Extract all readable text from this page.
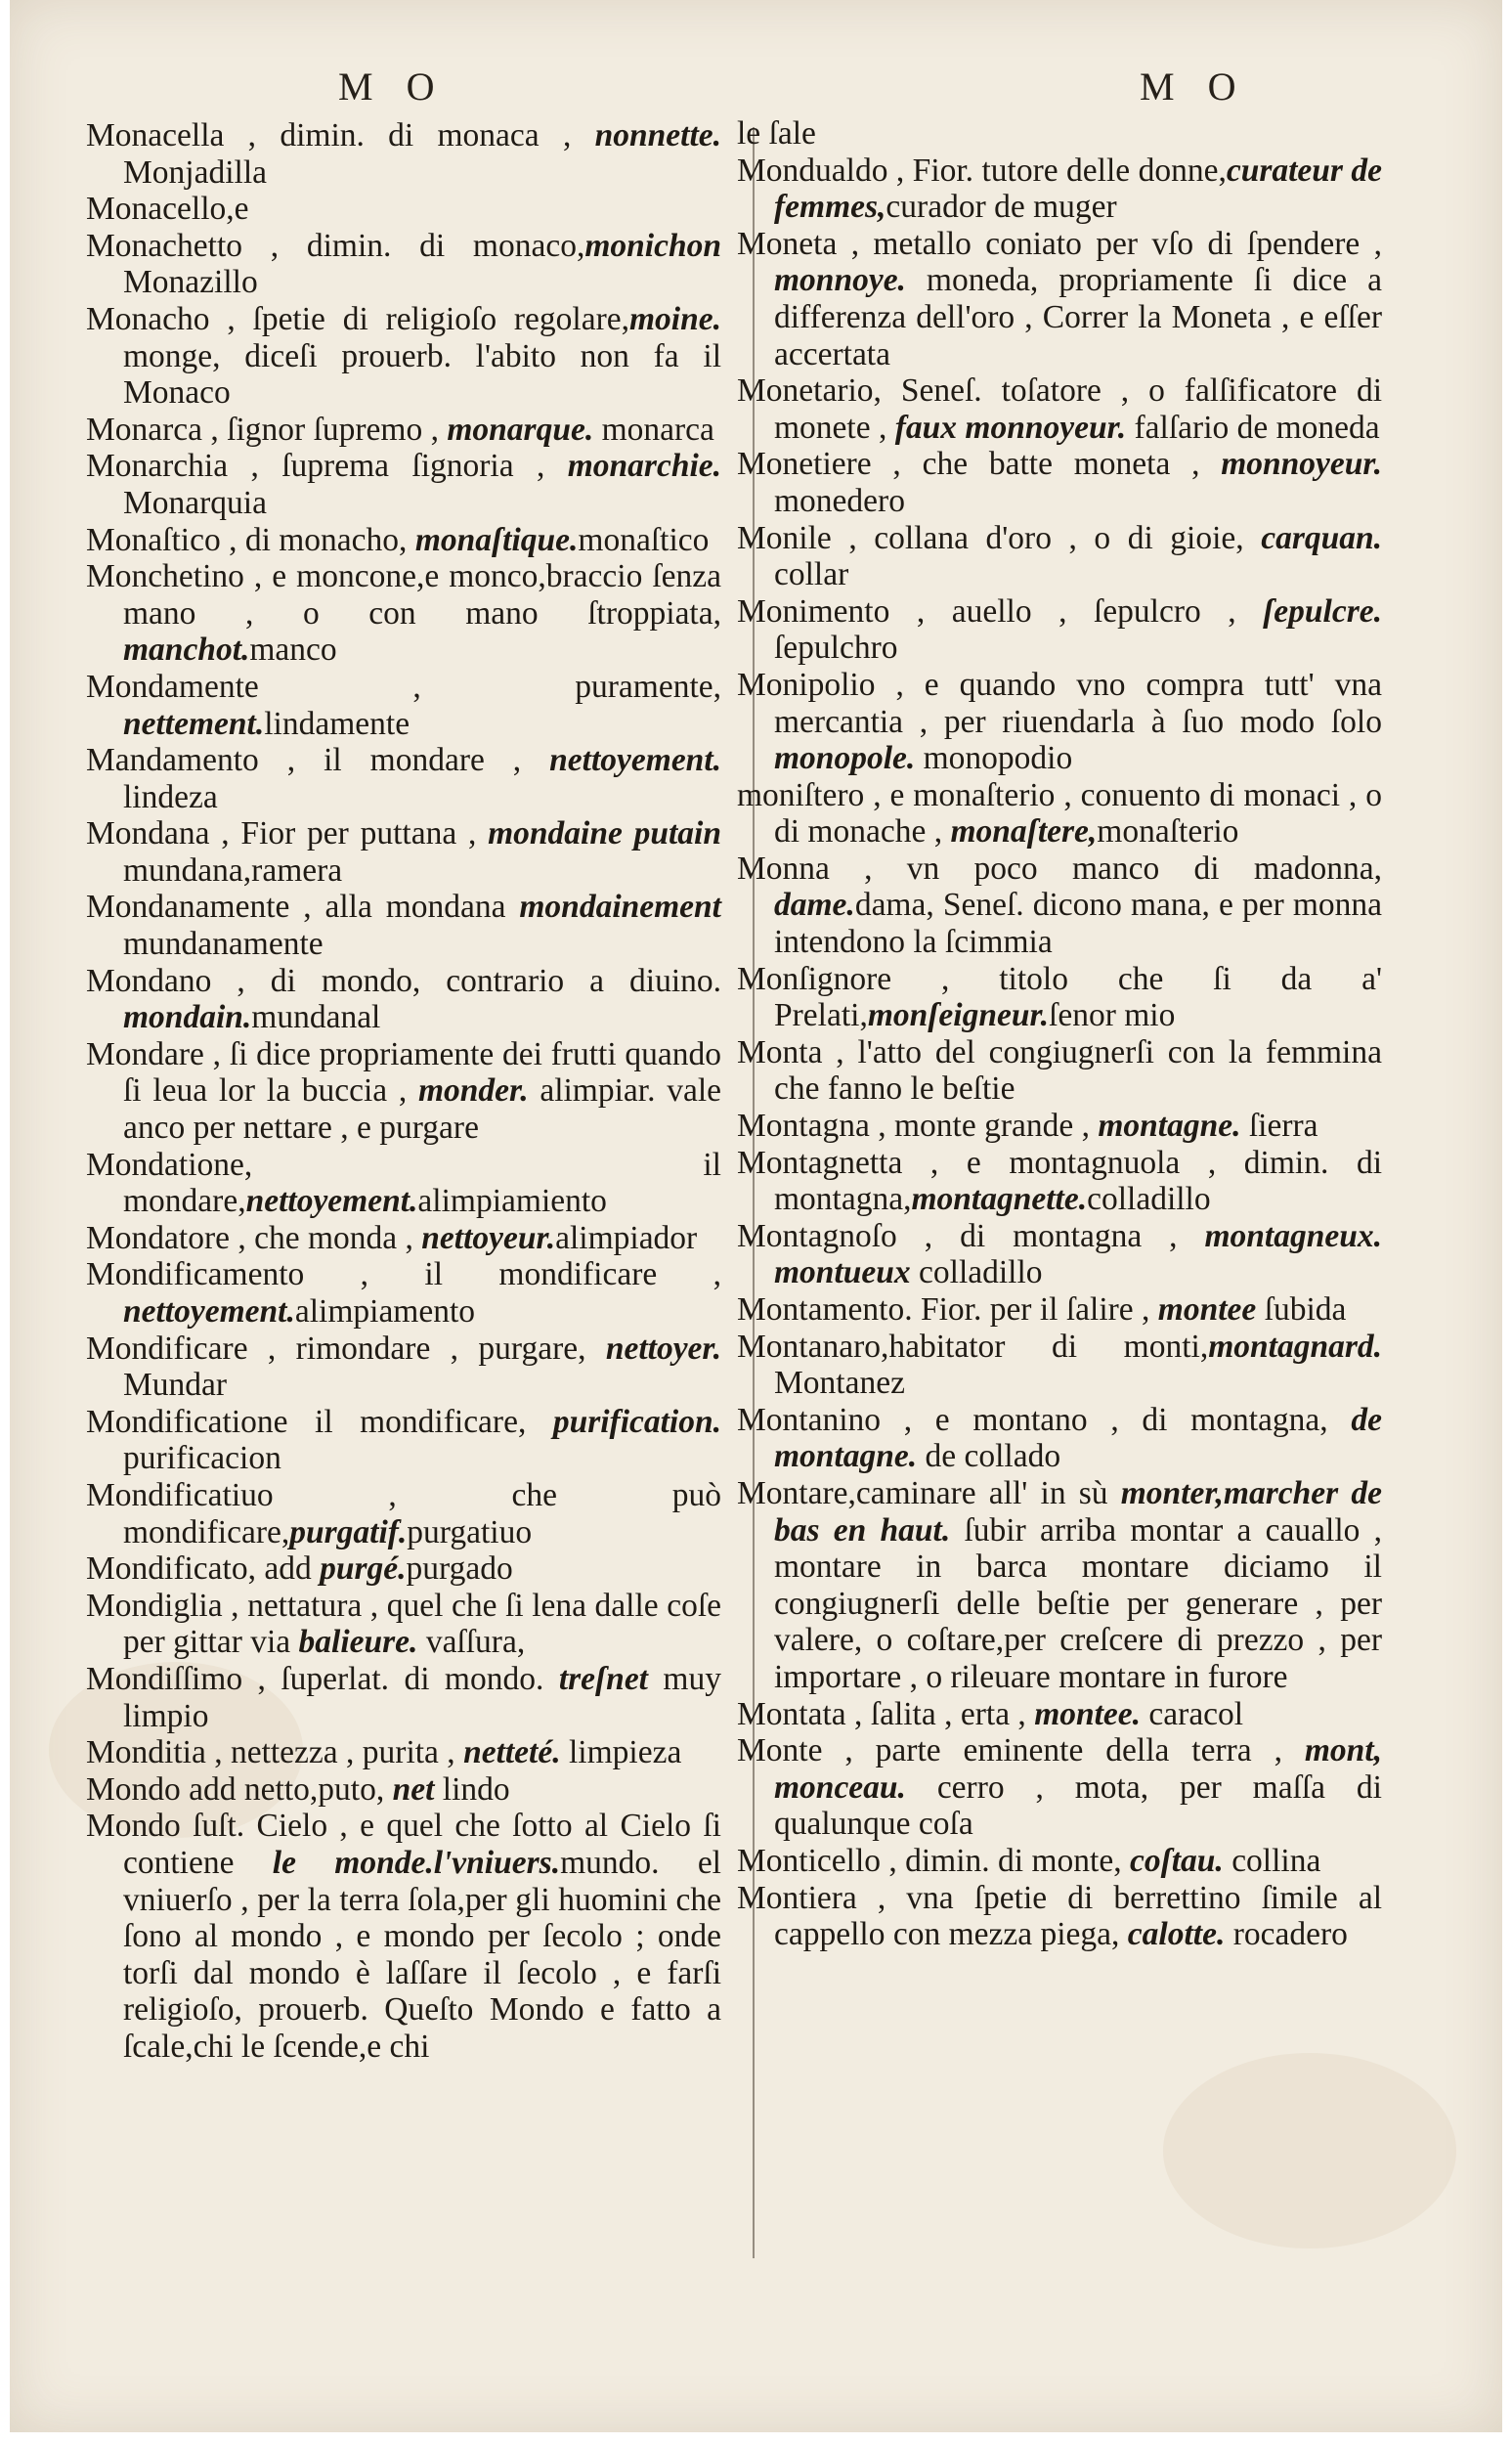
M O	M O

Monacella , dimin. di monaca , nonnette. Monjadilla

Monacello,e

Monachetto , dimin. di monaco,monichon Monazillo

Monacho , ſpetie di religioſo regolare,moine. monge, diceſi prouerb. l'abito non fa il Monaco

Monarca , ſignor ſupremo , monarque. monarca

Monarchia , ſuprema ſignoria , monarchie. Monarquia

Monaſtico , di monacho, monaſtique.monaſtico

Monchetino , e moncone,e monco,braccio ſenza mano , o con mano ſtroppiata, manchot.manco

Mondamente , puramente, nettement.lindamente

Mandamento , il mondare , nettoyement. lindeza

Mondana , Fior per puttana , mondaine putain mundana,ramera

Mondanamente , alla mondana mondainement mundanamente

Mondano , di mondo, contrario a diuino. mondain.mundanal

Mondare , ſi dice propriamente dei frutti quando ſi leua lor la buccia , monder. alimpiar. vale anco per nettare , e purgare

Mondatione, il mondare,nettoyement.alimpiamiento

Mondatore , che monda , nettoyeur.alimpiador

Mondificamento , il mondificare , nettoyement.alimpiamento

Mondificare , rimondare , purgare, nettoyer. Mundar

Mondificatione il mondificare, purification. purificacion

Mondificatiuo , che può mondificare,purgatif.purgatiuo

Mondificato, add purgé.purgado

Mondiglia , nettatura , quel che ſi lena dalle coſe per gittar via balieure. vaſſura,

Mondiſſimo , ſuperlat. di mondo. treſnet muy limpio

Monditia , nettezza , purita , netteté. limpieza

Mondo add netto,puto, net lindo

Mondo ſuſt. Cielo , e quel che ſotto al Cielo ſi contiene le monde.l'vniuers.mundo. el vniuerſo , per la terra ſola,per gli huomini che ſono al mondo , e mondo per ſecolo ; onde torſi dal mondo è laſſare il ſecolo , e farſi religioſo, prouerb. Queſto Mondo e fatto a ſcale,chi le ſcende,e chi

le ſale

Mondualdo , Fior. tutore delle donne,curateur de femmes,curador de muger

Moneta , metallo coniato per vſo di ſpendere , monnoye. moneda, propriamente ſi dice a differenza dell'oro , Correr la Moneta , e eſſer accertata

Monetario, Seneſ. toſatore , o falſificatore di monete , faux monnoyeur. falſario de moneda

Monetiere , che batte moneta , monnoyeur. monedero

Monile , collana d'oro , o di gioie, carquan. collar

Monimento , auello , ſepulcro , ſepulcre. ſepulchro

Monipolio , e quando vno compra tutt' vna mercantia , per riuendarla à ſuo modo ſolo monopole. monopodio

moniſtero , e monaſterio , conuento di monaci , o di monache , monaſtere,monaſterio

Monna , vn poco manco di madonna, dame.dama, Seneſ. dicono mana, e per monna intendono la ſcimmia

Monſignore , titolo che ſi da a' Prelati,monſeigneur.ſenor mio

Monta , l'atto del congiugnerſi con la femmina che fanno le beſtie

Montagna , monte grande , montagne. ſierra

Montagnetta , e montagnuola , dimin. di montagna,montagnette.colladillo

Montagnoſo , di montagna , montagneux. montueux colladillo

Montamento. Fior. per il ſalire , montee ſubida

Montanaro,habitator di monti,montagnard. Montanez

Montanino , e montano , di montagna, de montagne. de collado

Montare,caminare all' in sù monter,marcher de bas en haut. ſubir arriba montar a cauallo , montare in barca montare diciamo il congiugnerſi delle beſtie per generare , per valere, o coſtare,per creſcere di prezzo , per importare , o rileuare montare in furore

Montata , ſalita , erta , montee. caracol

Monte , parte eminente della terra , mont, monceau. cerro , mota, per maſſa di qualunque coſa

Monticello , dimin. di monte, coſtau. collina

Montiera , vna ſpetie di berrettino ſimile al cappello con mezza piega, calotte. rocadero
